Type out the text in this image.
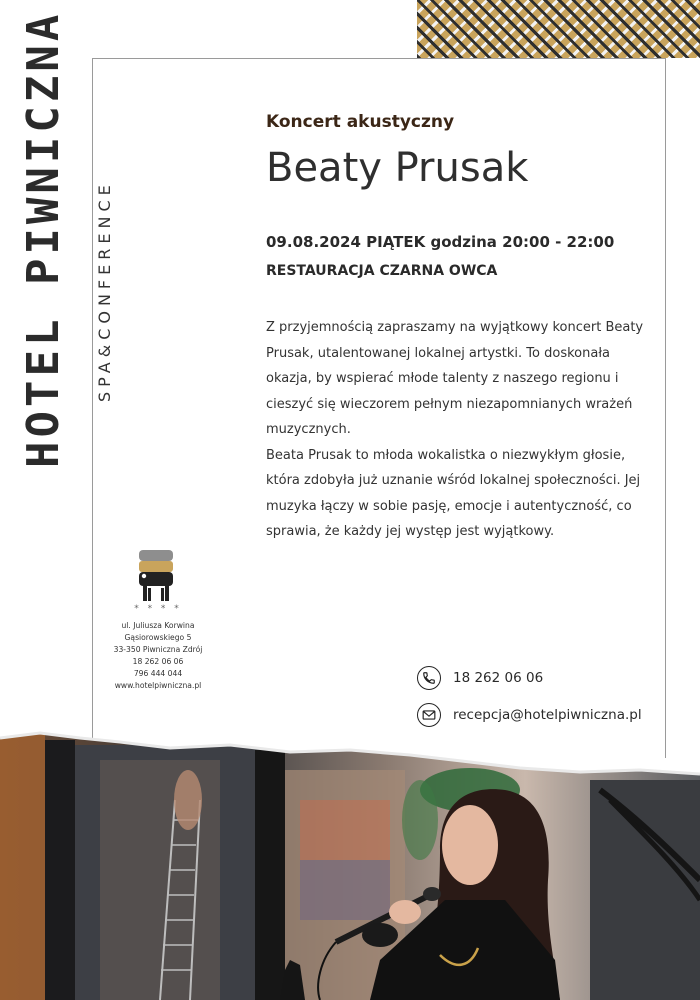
HOTEL PIWNICZNA SPA&CONFERENCE
Koncert akustyczny
Beaty Prusak
09.08.2024 PIĄTEK godzina 20:00 - 22:00
RESTAURACJA CZARNA OWCA

Z przyjemnością zapraszamy na wyjątkowy koncert Beaty Prusak, utalentowanej lokalnej artystki. To doskonała okazja, by wspierać młode talenty z naszego regionu i cieszyć się wieczorem pełnym niezapomnianych wrażeń muzycznych.

Beata Prusak to młoda wokalistka o niezwykłym głosie, która zdobyła już uznanie wśród lokalnej społeczności. Jej muzyka łączy w sobie pasję, emocje i autentyczność, co sprawia, że każdy jej występ jest wyjątkowy.

* * * *
ul. Juliusza Korwina
Gąsiorowskiego 5
33-350 Piwniczna Zdrój
18 262 06 06
796 444 044
www.hotelpiwniczna.pl	18 262 06 06
recepcja@hotelpiwniczna.pl
